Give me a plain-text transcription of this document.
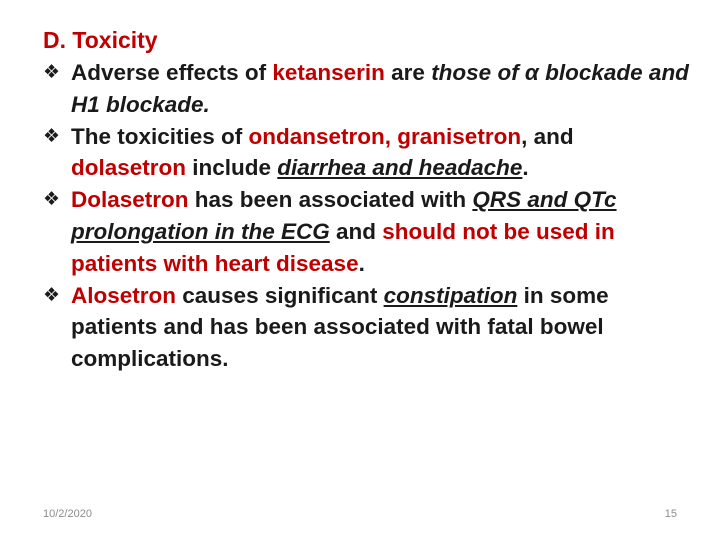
D. Toxicity
❖ Adverse effects of ketanserin are those of α blockade and H1 blockade.
❖ The toxicities of ondansetron, granisetron, and dolasetron include diarrhea and headache.
❖ Dolasetron has been associated with QRS and QTc prolongation in the ECG and should not be used in patients with heart disease.
❖ Alosetron causes significant constipation in some patients and has been associated with fatal bowel complications.
10/2/2020	15
